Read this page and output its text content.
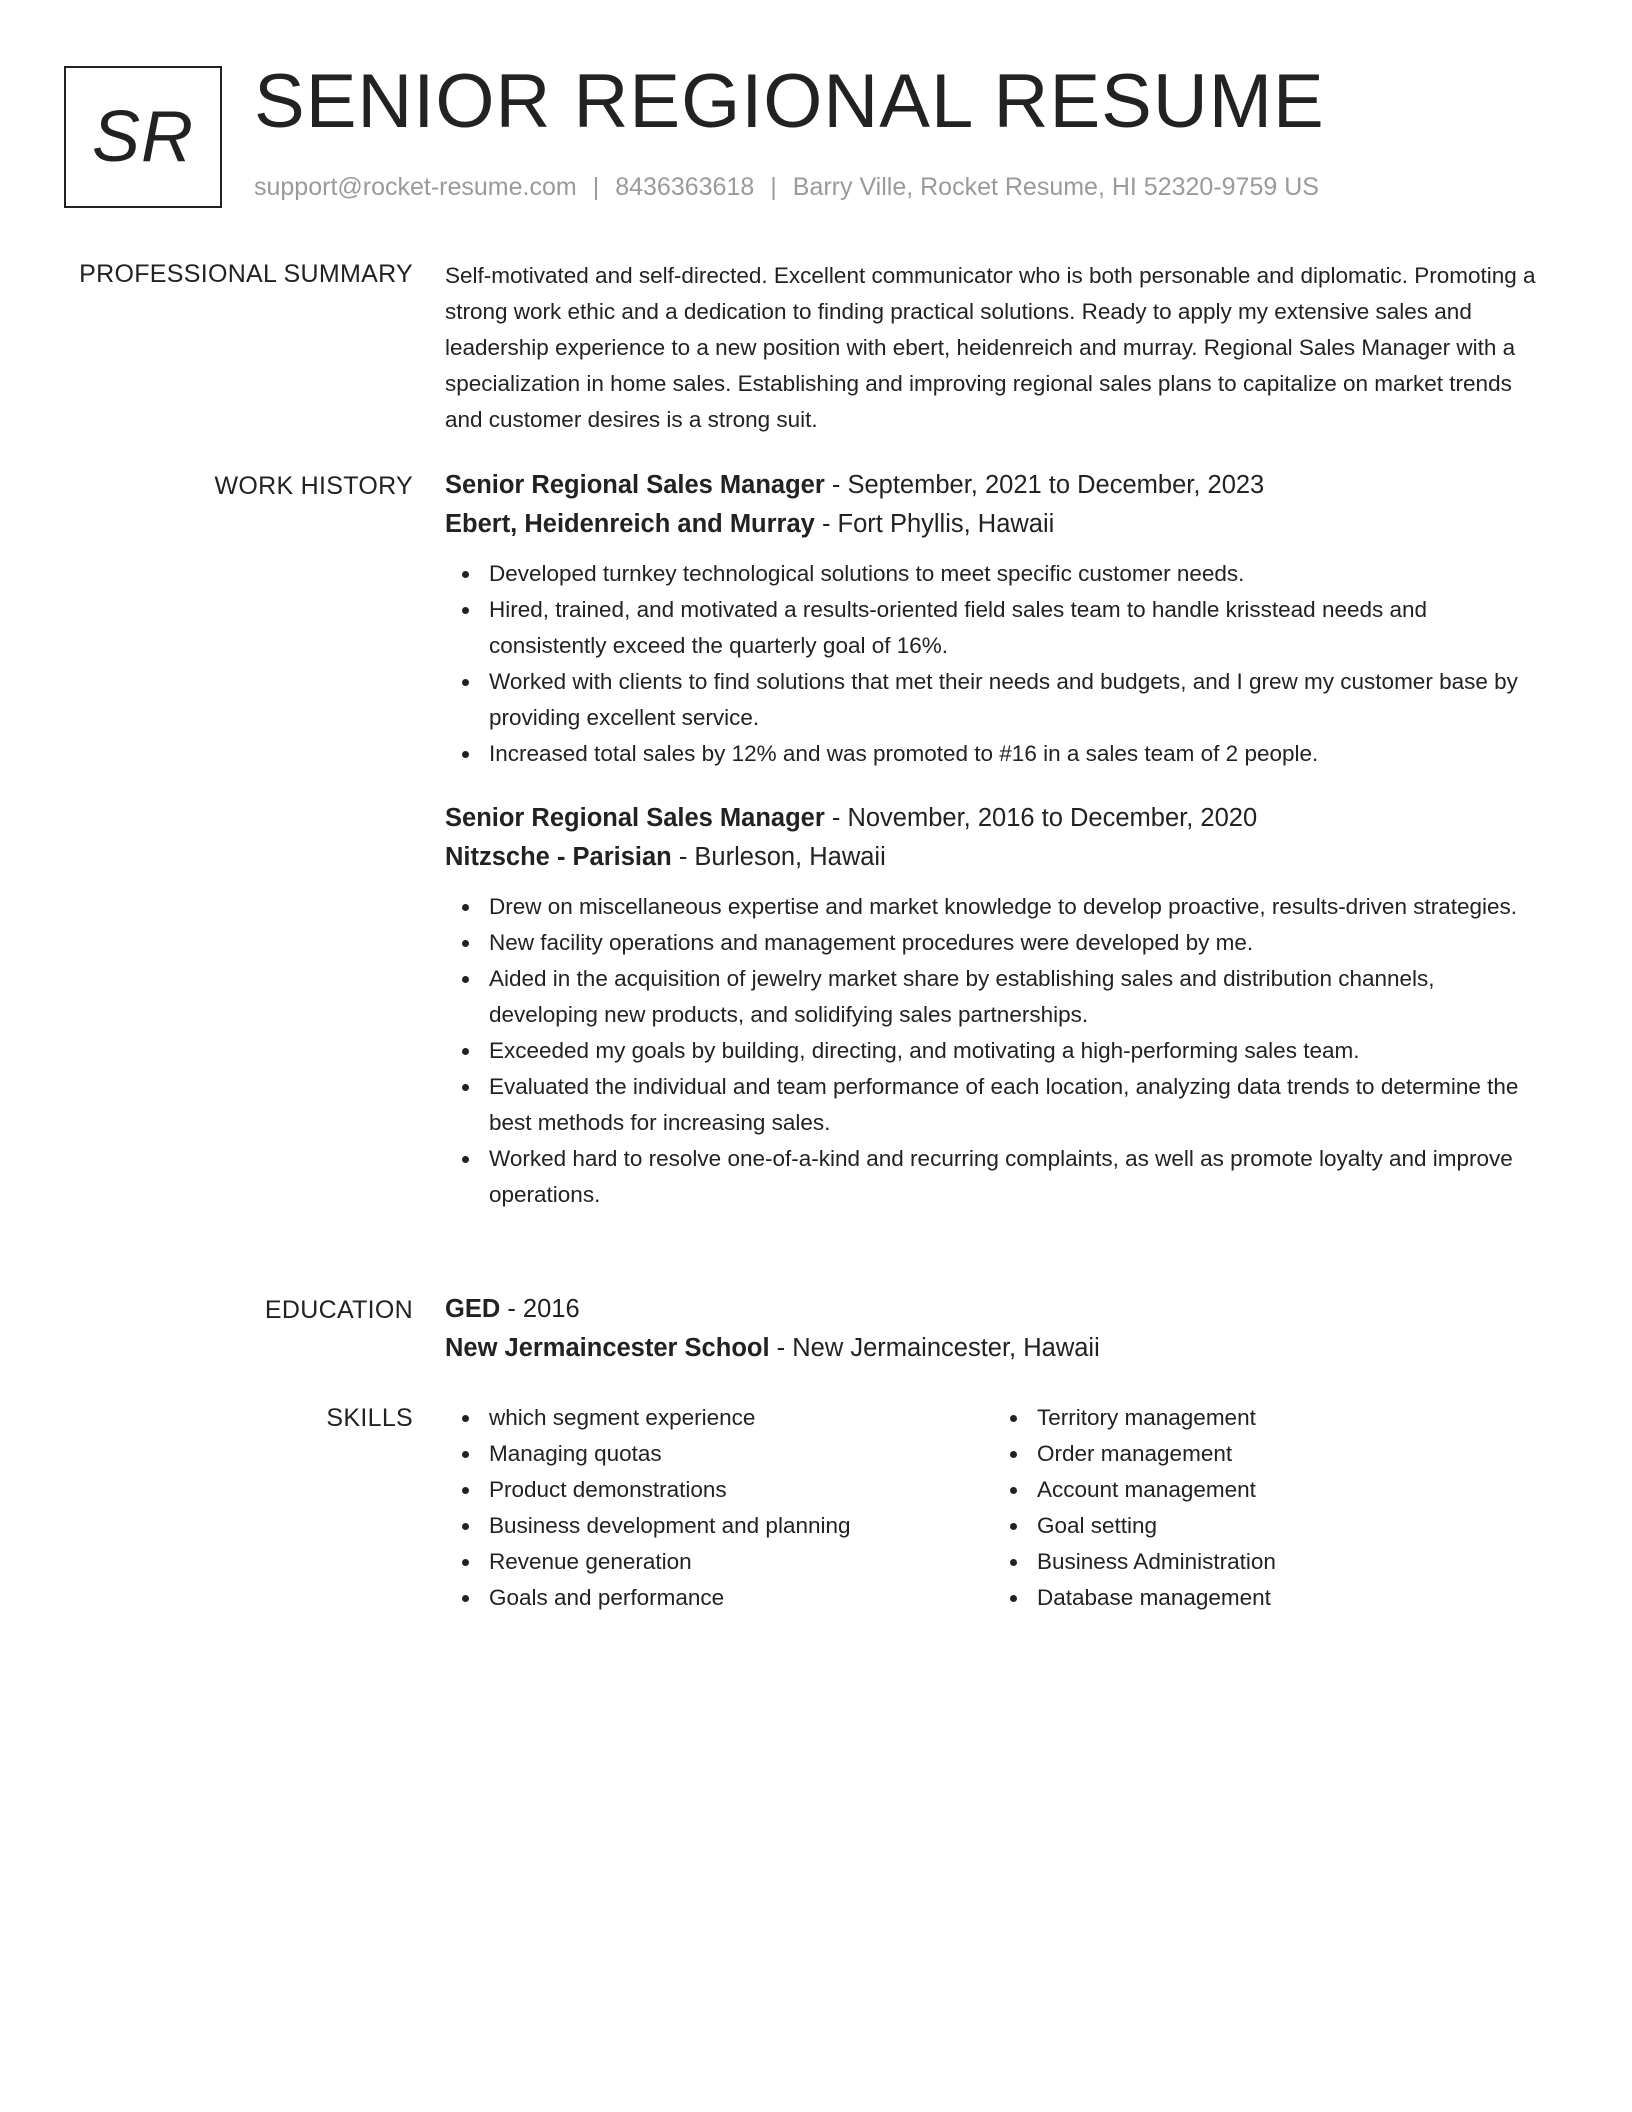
SR SENIOR REGIONAL RESUME
support@rocket-resume.com | 8436363618 | Barry Ville, Rocket Resume, HI 52320-9759 US
PROFESSIONAL SUMMARY Self-motivated and self-directed. Excellent communicator who is both personable and diplomatic. Promoting a strong work ethic and a dedication to finding practical solutions. Ready to apply my extensive sales and leadership experience to a new position with ebert, heidenreich and murray. Regional Sales Manager with a specialization in home sales. Establishing and improving regional sales plans to capitalize on market trends and customer desires is a strong suit.

WORK HISTORY Senior Regional Sales Manager - September, 2021 to December, 2023
Ebert, Heidenreich and Murray - Fort Phyllis, Hawaii
Developed turnkey technological solutions to meet specific customer needs.
Hired, trained, and motivated a results-oriented field sales team to handle krisstead needs and consistently exceed the quarterly goal of 16%.
Worked with clients to find solutions that met their needs and budgets, and I grew my customer base by providing excellent service.
Increased total sales by 12% and was promoted to #16 in a sales team of 2 people.
Senior Regional Sales Manager - November, 2016 to December, 2020
Nitzsche - Parisian - Burleson, Hawaii
Drew on miscellaneous expertise and market knowledge to develop proactive, results-driven strategies.
New facility operations and management procedures were developed by me.
Aided in the acquisition of jewelry market share by establishing sales and distribution channels, developing new products, and solidifying sales partnerships.
Exceeded my goals by building, directing, and motivating a high-performing sales team.
Evaluated the individual and team performance of each location, analyzing data trends to determine the best methods for increasing sales.
Worked hard to resolve one-of-a-kind and recurring complaints, as well as promote loyalty and improve operations.
EDUCATION GED - 2016
New Jermaincester School - New Jermaincester, Hawaii
SKILLS	which segment experience
Managing quotas
Product demonstrations
Business development and planning
Revenue generation
Goals and performance
Territory management
Order management
Account management
Goal setting
Business Administration
Database management
